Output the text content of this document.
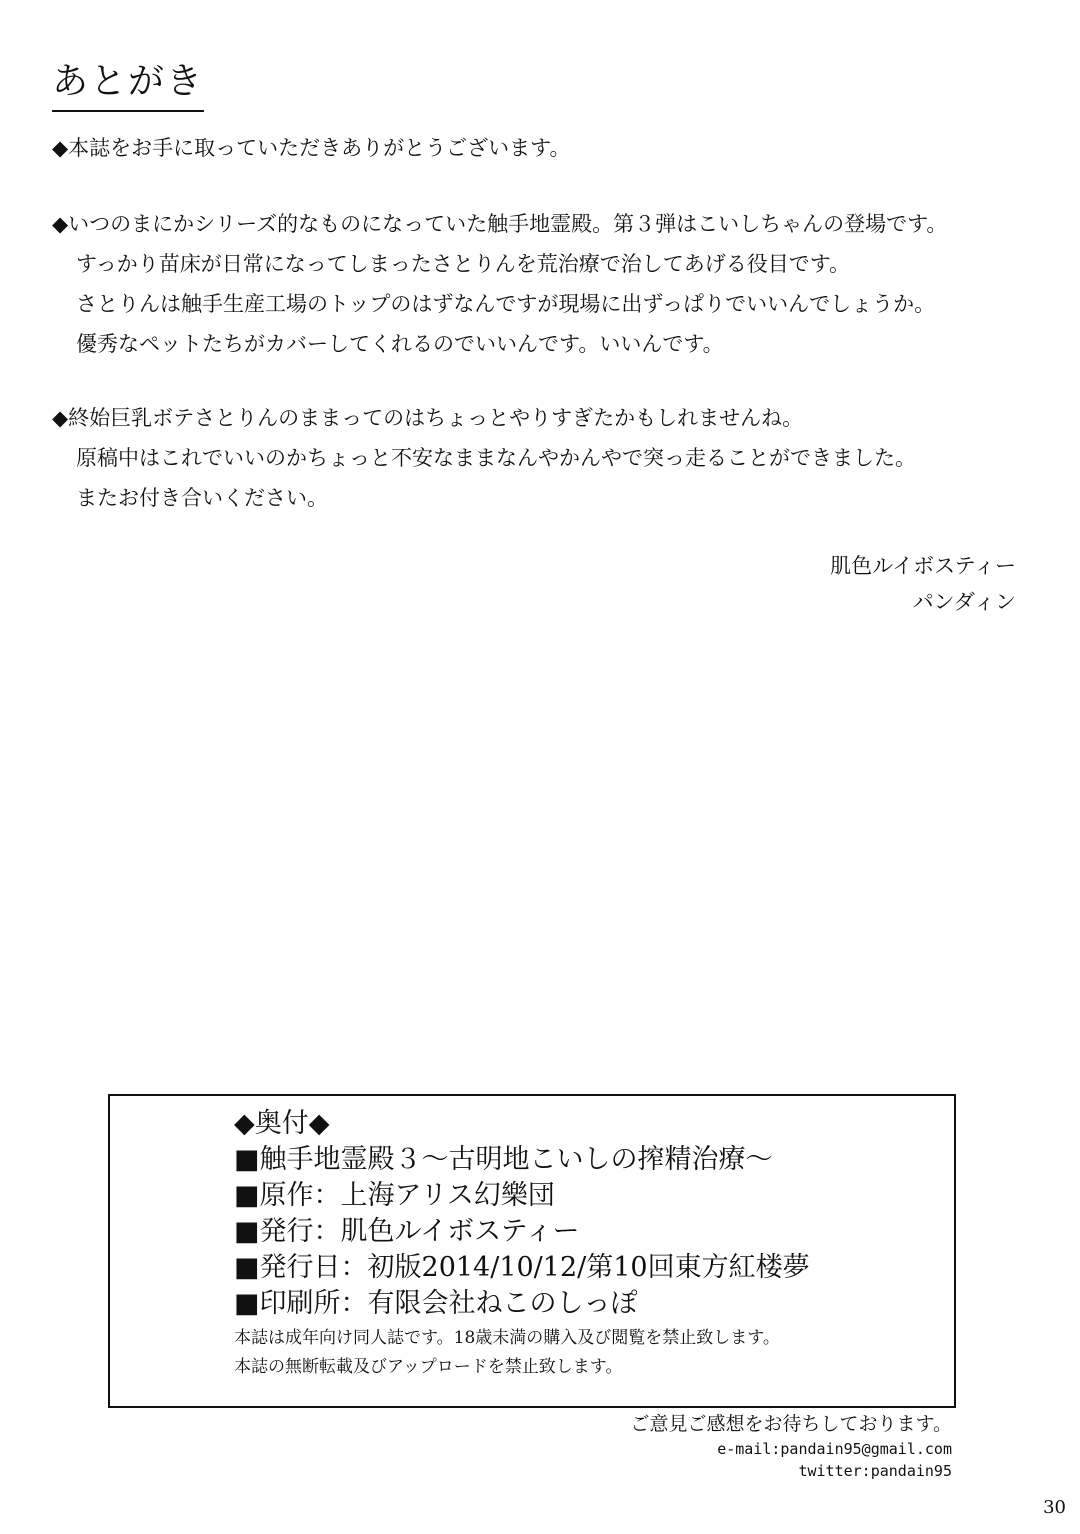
あとがき
◆本誌をお手に取っていただきありがとうございます。
◆いつのまにかシリーズ的なものになっていた触手地霊殿。第３弾はこいしちゃんの登場です。
すっかり苗床が日常になってしまったさとりんを荒治療で治してあげる役目です。
さとりんは触手生産工場のトップのはずなんですが現場に出ずっぱりでいいんでしょうか。
優秀なペットたちがカバーしてくれるのでいいんです。いいんです。
◆終始巨乳ボテさとりんのままってのはちょっとやりすぎたかもしれませんね。
原稿中はこれでいいのかちょっと不安なままなんやかんやで突っ走ることができました。
またお付き合いください。
肌色ルイボスティー
パンダィン
◆奥付◆
■触手地霊殿３～古明地こいしの搾精治療～
■原作：上海アリス幻樂団
■発行：肌色ルイボスティー
■発行日：初版2014/10/12/第10回東方紅楼夢
■印刷所：有限会社ねこのしっぽ
本誌は成年向け同人誌です。18歳未満の購入及び閲覧を禁止致します。
本誌の無断転載及びアップロードを禁止致します。
ご意見ご感想をお待ちしております。
e-mail:pandain95@gmail.com
twitter:pandain95
30
